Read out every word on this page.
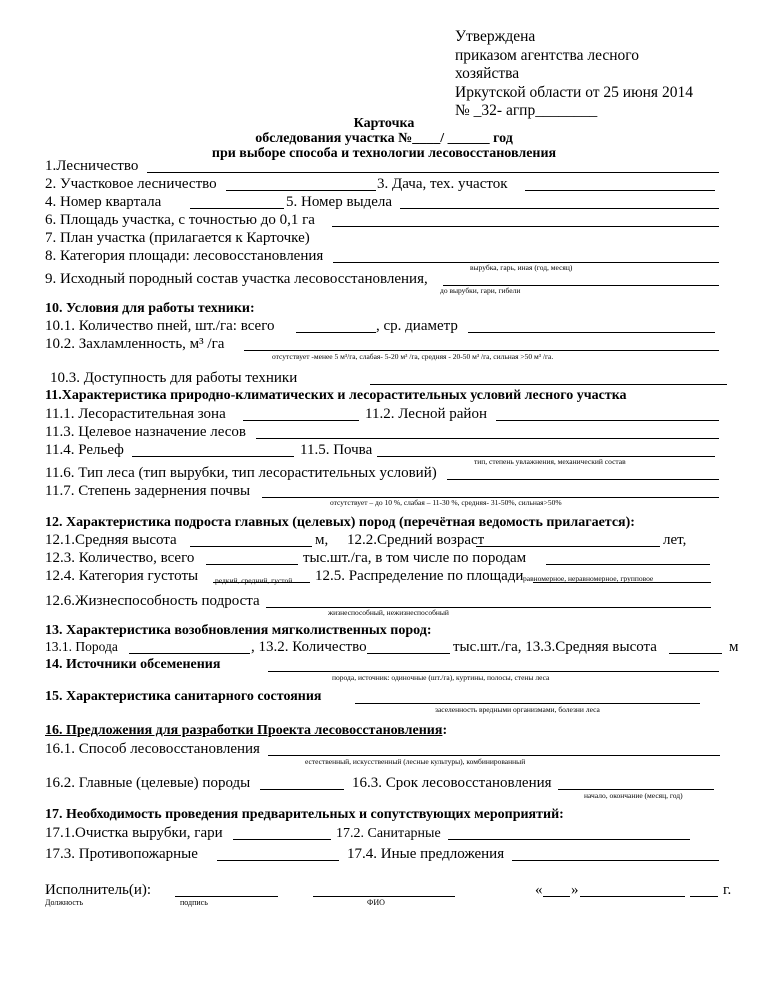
Утверждена
приказом агентства лесного
хозяйства
Иркутской области от 25 июня 2014
№ _32- агпр________
Карточка
обследования участка №____/ ______ год
при выборе способа и технологии лесовосстановления
1.Лесничество
2. Участковое лесничество	3. Дача, тех. участок
4. Номер квартала	5. Номер выдела
6. Площадь участка, с точностью до 0,1 га
7. План участка (прилагается к Карточке)
8. Категория площади: лесовосстановления
вырубка, гарь, иная (год, месяц)
9. Исходный породный состав участка лесовосстановления,
до вырубки, гари, гибели
10. Условия для работы техники:
10.1. Количество пней, шт./га: всего	, ср. диаметр
10.2. Захламленность, м³ /га
отсутствует -менее 5 м³/га, слабая- 5-20 м³ /га, средняя - 20-50 м³ /га, сильная >50 м³ /га.
10.3. Доступность для работы техники
11.Характеристика природно-климатических и лесорастительных условий лесного участка
11.1. Лесорастительная зона	11.2. Лесной район
11.3. Целевое назначение лесов
11.4. Рельеф	11.5. Почва
тип, степень увлажнения, механический состав
11.6. Тип леса (тип вырубки, тип лесорастительных условий)
11.7. Степень задернения почвы
отсутствует – до 10 %, слабая – 11-30 %, средняя- 31-50%, сильная>50%
12. Характеристика подроста главных (целевых) пород (перечётная ведомость прилагается):
12.1.Средняя высота	м, 12.2.Средний возраст	лет,
12.3. Количество, всего	тыс.шт./га, в том числе по породам
12.4. Категория густоты редкий, средний, густой 12.5. Распределение по площади равномерное, неравномерное, групповое
12.6.Жизнеспособность подроста
жизнеспособный, нежизнеспособный
13. Характеристика возобновления мягколиственных пород:
13.1. Порода	, 13.2. Количество	тыс.шт./га, 13.3.Средняя высота	м
14. Источники обсеменения
порода, источник: одиночные (шт./га), куртины, полосы, стены леса
15. Характеристика санитарного состояния
заселенность вредными организмами, болезни леса
16. Предложения для разработки Проекта лесовосстановления:
16.1. Способ лесовосстановления
естественный, искусственный (лесные культуры), комбинированный
16.2. Главные (целевые) породы	16.3. Срок лесовосстановления
начало, окончание (месяц, год)
17. Необходимость проведения предварительных и сопутствующих мероприятий:
17.1.Очистка вырубки, гари	17.2. Санитарные
17.3. Противопожарные	17.4. Иные предложения
Исполнитель(и):
Должность	подпись	ФИО
« »	г.
